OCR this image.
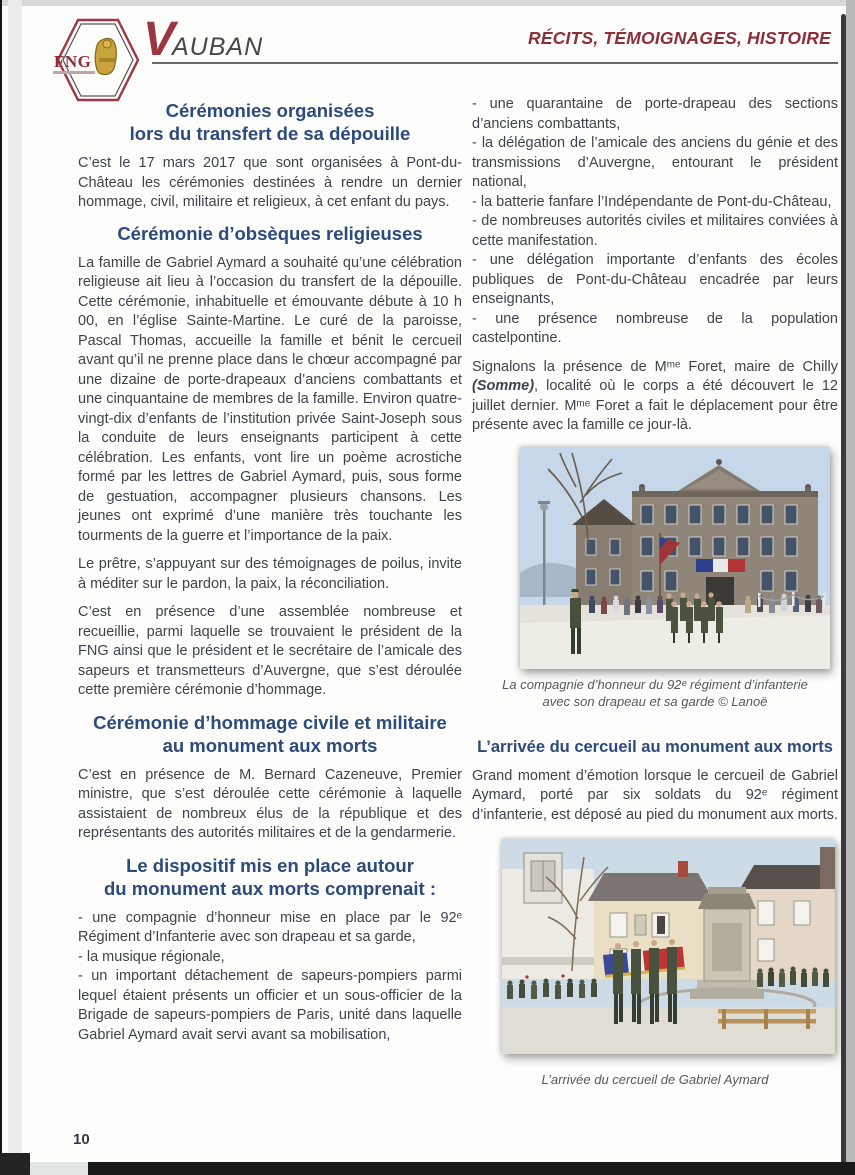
FNG V
AUBAN	RÉCITS, TÉMOIGNAGES, HISTOIRE
Cérémonies organisées
lors du transfert de sa dépouille

C’est le 17 mars 2017 que sont organisées à Pont-du-Château les cérémonies destinées à rendre un dernier hommage, civil, militaire et religieux, à cet enfant du pays.

Cérémonie d’obsèques religieuses

La famille de Gabriel Aymard a souhaité qu’une célébration religieuse ait lieu à l’occasion du transfert de la dépouille. Cette cérémonie, inhabituelle et émouvante débute à 10 h 00, en l’église Sainte-Martine. Le curé de la paroisse, Pascal Thomas, accueille la famille et bénit le cercueil avant qu’il ne prenne place dans le chœur accompagné par une dizaine de porte-drapeaux d’anciens combattants et une cinquantaine de membres de la famille. Environ quatre-vingt-dix d’enfants de l’institution privée Saint-Joseph sous la conduite de leurs enseignants participent à cette célébration. Les enfants, vont lire un poème acrostiche formé par les lettres de Gabriel Aymard, puis, sous forme de gestuation, accompagner plusieurs chansons. Les jeunes ont exprimé d’une manière très touchante les tourments de la guerre et l’importance de la paix.

Le prêtre, s’appuyant sur des témoignages de poilus, invite à méditer sur le pardon, la paix, la réconciliation.

C’est en présence d’une assemblée nombreuse et recueillie, parmi laquelle se trouvaient le président de la FNG ainsi que le président et le secrétaire de l’amicale des sapeurs et transmetteurs d’Auvergne, que s’est déroulée cette première cérémonie d’hommage.

Cérémonie d’hommage civile et militaire
au monument aux morts

C’est en présence de M. Bernard Cazeneuve, Premier ministre, que s’est déroulée cette cérémonie à laquelle assistaient de nombreux élus de la république et des représentants des autorités militaires et de la gendarmerie.

Le dispositif mis en place autour
du monument aux morts comprenait :
- une compagnie d’honneur mise en place par le 92ᵉ Régiment d’Infanterie avec son drapeau et sa garde,
- la musique régionale,
- un important détachement de sapeurs-pompiers parmi lequel étaient présents un officier et un sous-officier de la Brigade de sapeurs-pompiers de Paris, unité dans laquelle Gabriel Aymard avait servi avant sa mobilisation,
- une quarantaine de porte-drapeau des sections d’anciens combattants,
- la délégation de l’amicale des anciens du génie et des transmissions d’Auvergne, entourant le président national,
- la batterie fanfare l’Indépendante de Pont-du-Château,
- de nombreuses autorités civiles et militaires conviées à cette manifestation.
- une délégation importante d’enfants des écoles publiques de Pont-du-Château encadrée par leurs enseignants,
- une présence nombreuse de la population castelpontine.

Signalons la présence de Mᵐᵉ Foret, maire de Chilly (Somme), localité où le corps a été découvert le 12 juillet dernier. Mᵐᵉ Foret a fait le déplacement pour être présente avec la famille ce jour-là.

La compagnie d’honneur du 92ᵉ régiment d’infanterie
avec son drapeau et sa garde © Lanoë
L’arrivée du cercueil au monument aux morts

Grand moment d’émotion lorsque le cercueil de Gabriel Aymard, porté par six soldats du 92ᵉ régiment d’infanterie, est déposé au pied du monument aux morts.

L’arrivée du cercueil de Gabriel Aymard
10
